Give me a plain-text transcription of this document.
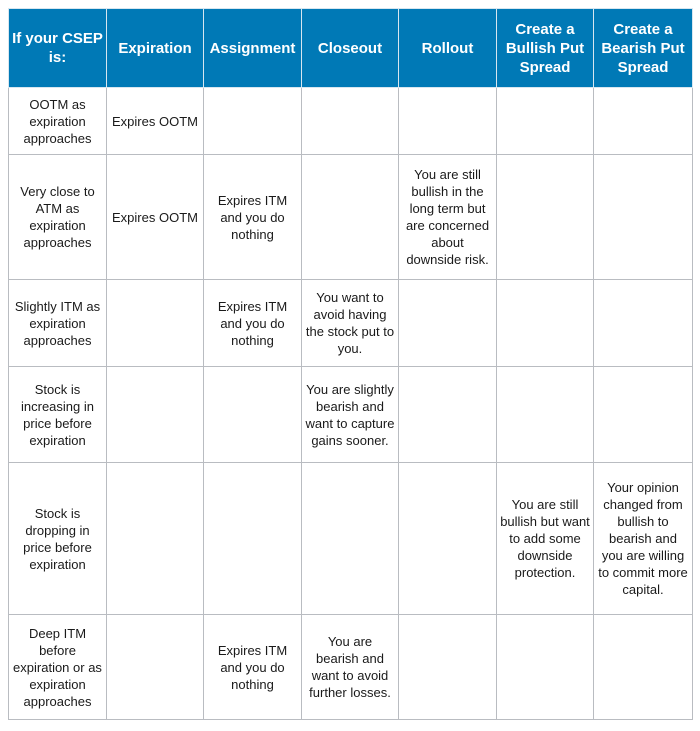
If your CSEP is:	Expiration	Assignment	Closeout	Rollout	Create a Bullish Put Spread	Create a Bearish Put Spread
OOTM as expiration approaches	Expires OOTM					
Very close to ATM as expiration approaches	Expires OOTM	Expires ITM and you do nothing		You are still bullish in the long term but are concerned about downside risk.		
Slightly ITM as expiration approaches		Expires ITM and you do nothing	You want to avoid having the stock put to you.			
Stock is increasing in price before expiration			You are slightly bearish and want to capture gains sooner.			
Stock is dropping in price before expiration					You are still bullish but want to add some downside protection.	Your opinion changed from bullish to bearish and you are willing to commit more capital.
Deep ITM before expiration or as expiration approaches		Expires ITM and you do nothing	You are bearish and want to avoid further losses.			
